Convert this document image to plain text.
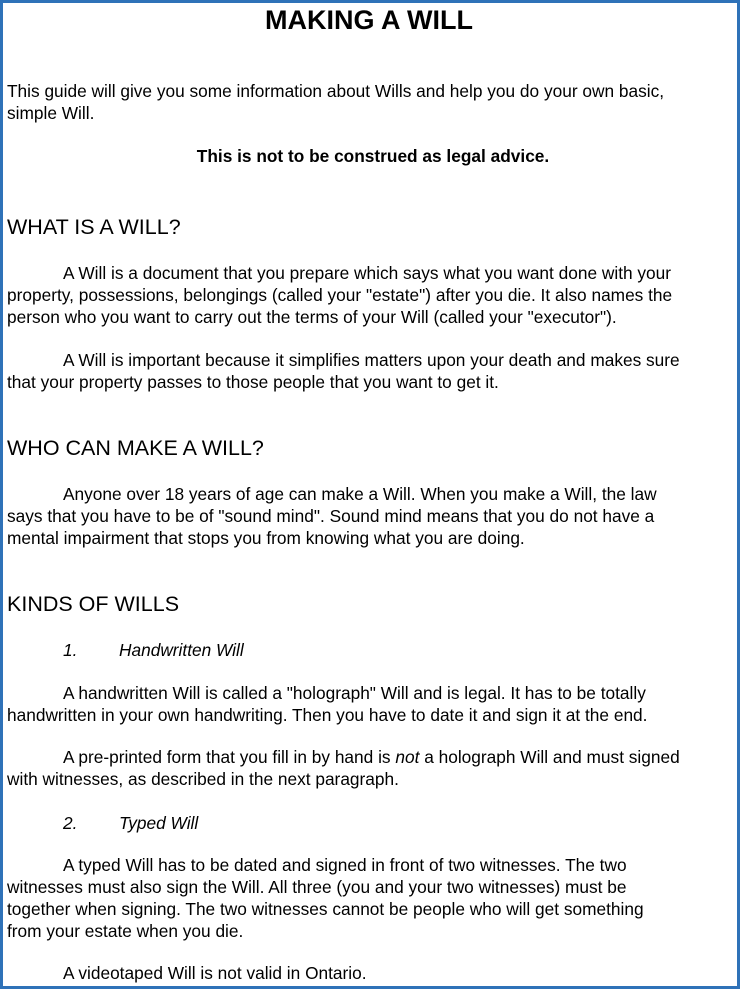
MAKING A WILL

This guide will give you some information about Wills and help you do your own basic,
simple Will.

This is not to be construed as legal advice.

WHAT IS A WILL?

A Will is a document that you prepare which says what you want done with your
property, possessions, belongings (called your "estate") after you die. It also names the
person who you want to carry out the terms of your Will (called your "executor").

A Will is important because it simplifies matters upon your death and makes sure
that your property passes to those people that you want to get it.

WHO CAN MAKE A WILL?

Anyone over 18 years of age can make a Will. When you make a Will, the law
says that you have to be of "sound mind". Sound mind means that you do not have a
mental impairment that stops you from knowing what you are doing.

KINDS OF WILLS

1. Handwritten Will

A handwritten Will is called a "holograph" Will and is legal. It has to be totally
handwritten in your own handwriting. Then you have to date it and sign it at the end.

A pre-printed form that you fill in by hand is not a holograph Will and must signed
with witnesses, as described in the next paragraph.

2. Typed Will

A typed Will has to be dated and signed in front of two witnesses. The two
witnesses must also sign the Will. All three (you and your two witnesses) must be
together when signing. The two witnesses cannot be people who will get something
from your estate when you die.

A videotaped Will is not valid in Ontario.
